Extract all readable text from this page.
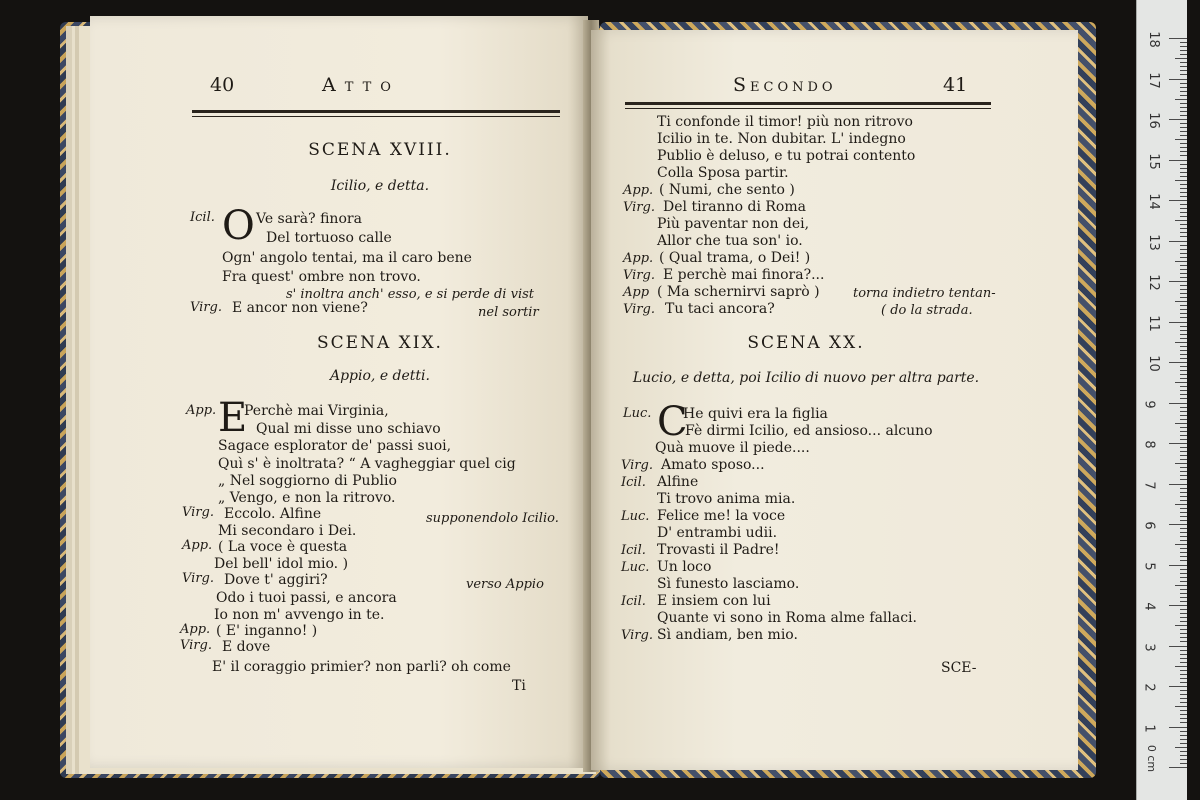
40	Atto
SCENA XVIII.
Icilio, e detta.
Icil. O Ve sarà? finora
Del tortuoso calle
Ogn' angolo tentai, ma il caro bene
Fra quest' ombre non trovo.
s' inoltra anch' esso, e si perde di vist
Virg. E ancor non viene?	nel sortir
SCENA XIX.
Appio, e detti.
App. E
Perchè mai Virginia,
Qual mi disse uno schiavo
Sagace esplorator de' passi suoi,
Quì s' è inoltrata? “ A vagheggiar quel cig
„ Nel soggiorno di Publio
„ Vengo, e non la ritrovo.
Virg. Eccolo. Alfine	supponendolo Icilio.
Mi secondaro i Dei.
App. ( La voce è questa
Del bell' idol mio. )
Virg. Dove t' aggiri?	verso Appio
Odo i tuoi passi, e ancora
Io non m' avvengo in te.
App. ( E' inganno! )
Virg. E dove
E' il coraggio primier? non parli? oh come
Ti
Secondo	41
Ti confonde il timor! più non ritrovo
Icilio in te. Non dubitar. L' indegno
Publio è deluso, e tu potrai contento
Colla Sposa partir.
App. ( Numi, che sento )
Virg. Del tiranno di Roma
Più paventar non dei,
Allor che tua son' io.
App. ( Qual trama, o Dei! )
Virg. E perchè mai finora?...
App ( Ma schernirvi saprò )	torna indietro tentan-
Virg. Tu taci ancora?	( do la strada.
SCENA XX.
Lucio, e detta, poi Icilio di nuovo per altra parte.
Luc. C
He quivi era la figlia
Fè dirmi Icilio, ed ansioso... alcuno
Quà muove il piede....
Virg. Amato sposo...
Icil. Alfine
Ti trovo anima mia.
Luc. Felice me! la voce
D' entrambi udii.
Icil. Trovasti il Padre!
Luc. Un loco
Sì funesto lasciamo.
Icil. E insiem con lui
Quante vi sono in Roma alme fallaci.
Virg. Sì andiam, ben mio.
SCE-
18
17
16
15
14
13
12
11
10
9
8
7
6
5
4
3
2
1
0 cm
